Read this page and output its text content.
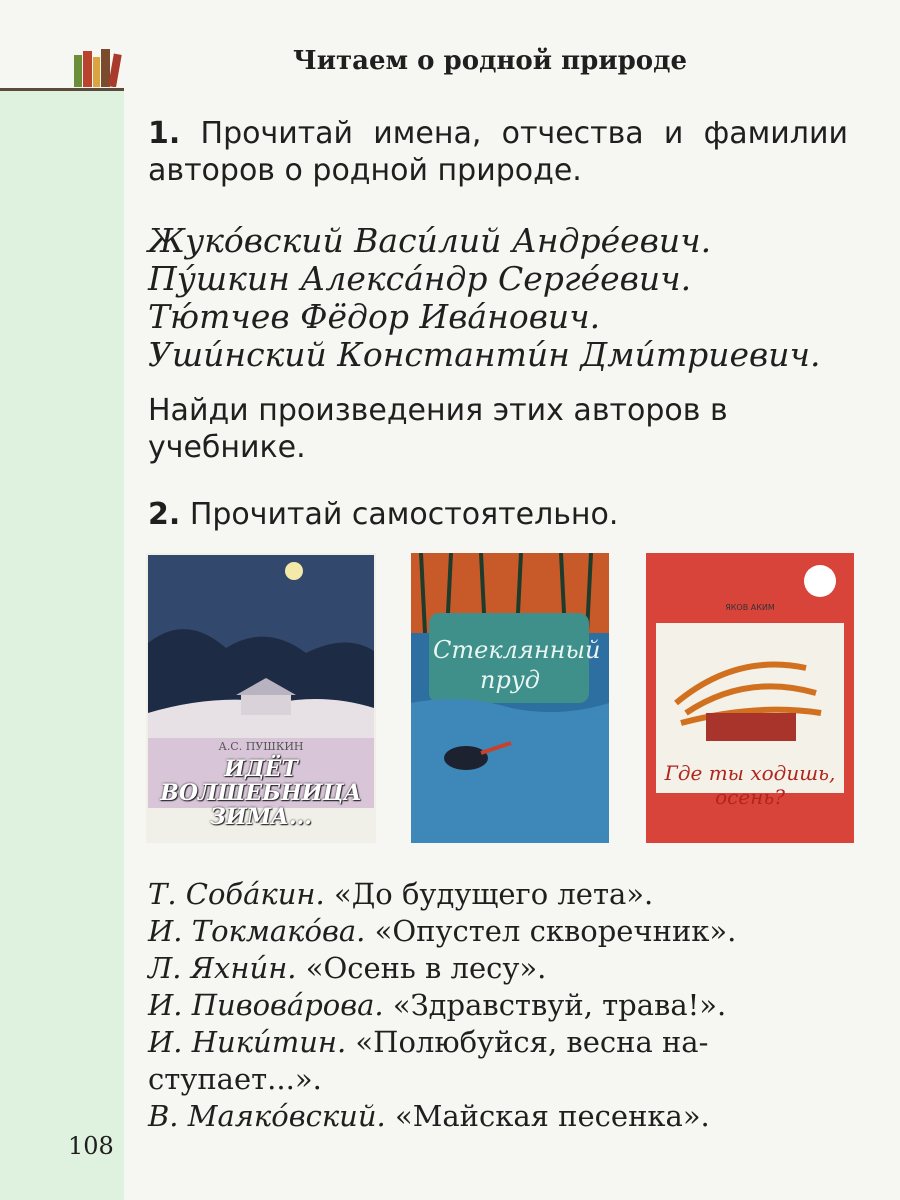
Читаем о родной природе
1. Прочитай имена, отчества и фамилии авторов о родной природе.
Жуко́вский Васи́лий Андре́евич.
Пу́шкин Алекса́ндр Серге́евич.
Тю́тчев Фёдор Ива́нович.
Уши́нский Константи́н Дми́триевич.
Найди произведения этих авторов в учебнике.
2. Прочитай самостоятельно.
А.С. ПУШКИН
ИДЁТ ВОЛШЕБНИЦА ЗИМА...
Стеклянный пруд
ЯКОВ АКИМ
Где ты ходишь, осень?
Т. Соба́кин. «До будущего лета».
И. Токмако́ва. «Опустел скворечник».
Л. Яхни́н. «Осень в лесу».
И. Пивова́рова. «Здравствуй, трава!».
И. Ники́тин. «Полюбуйся, весна на-
ступает...».
В. Маяко́вский. «Майская песенка».
108
